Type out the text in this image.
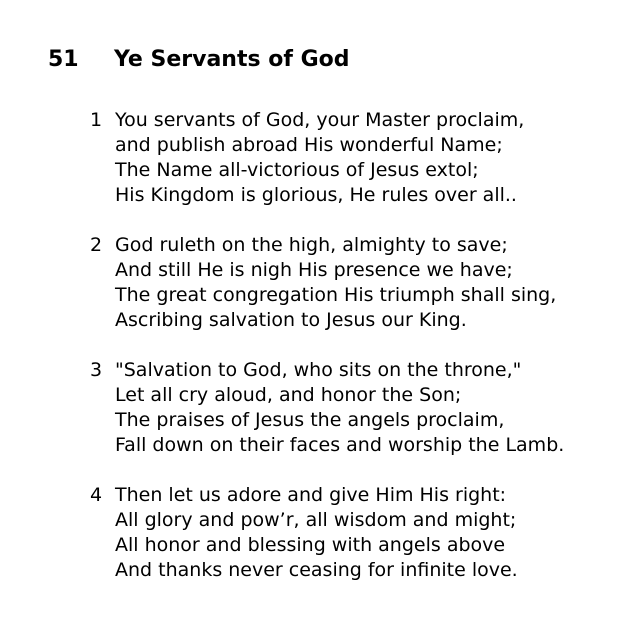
51 Ye Servants of God
1 You servants of God, your Master proclaim,
and publish abroad His wonderful Name;
The Name all-victorious of Jesus extol;
His Kingdom is glorious, He rules over all..
2 God ruleth on the high, almighty to save;
And still He is nigh His presence we have;
The great congregation His triumph shall sing,
Ascribing salvation to Jesus our King.
3 "Salvation to God, who sits on the throne,"
Let all cry aloud, and honor the Son;
The praises of Jesus the angels proclaim,
Fall down on their faces and worship the Lamb.
4 Then let us adore and give Him His right:
All glory and pow’r, all wisdom and might;
All honor and blessing with angels above
And thanks never ceasing for infinite love.
